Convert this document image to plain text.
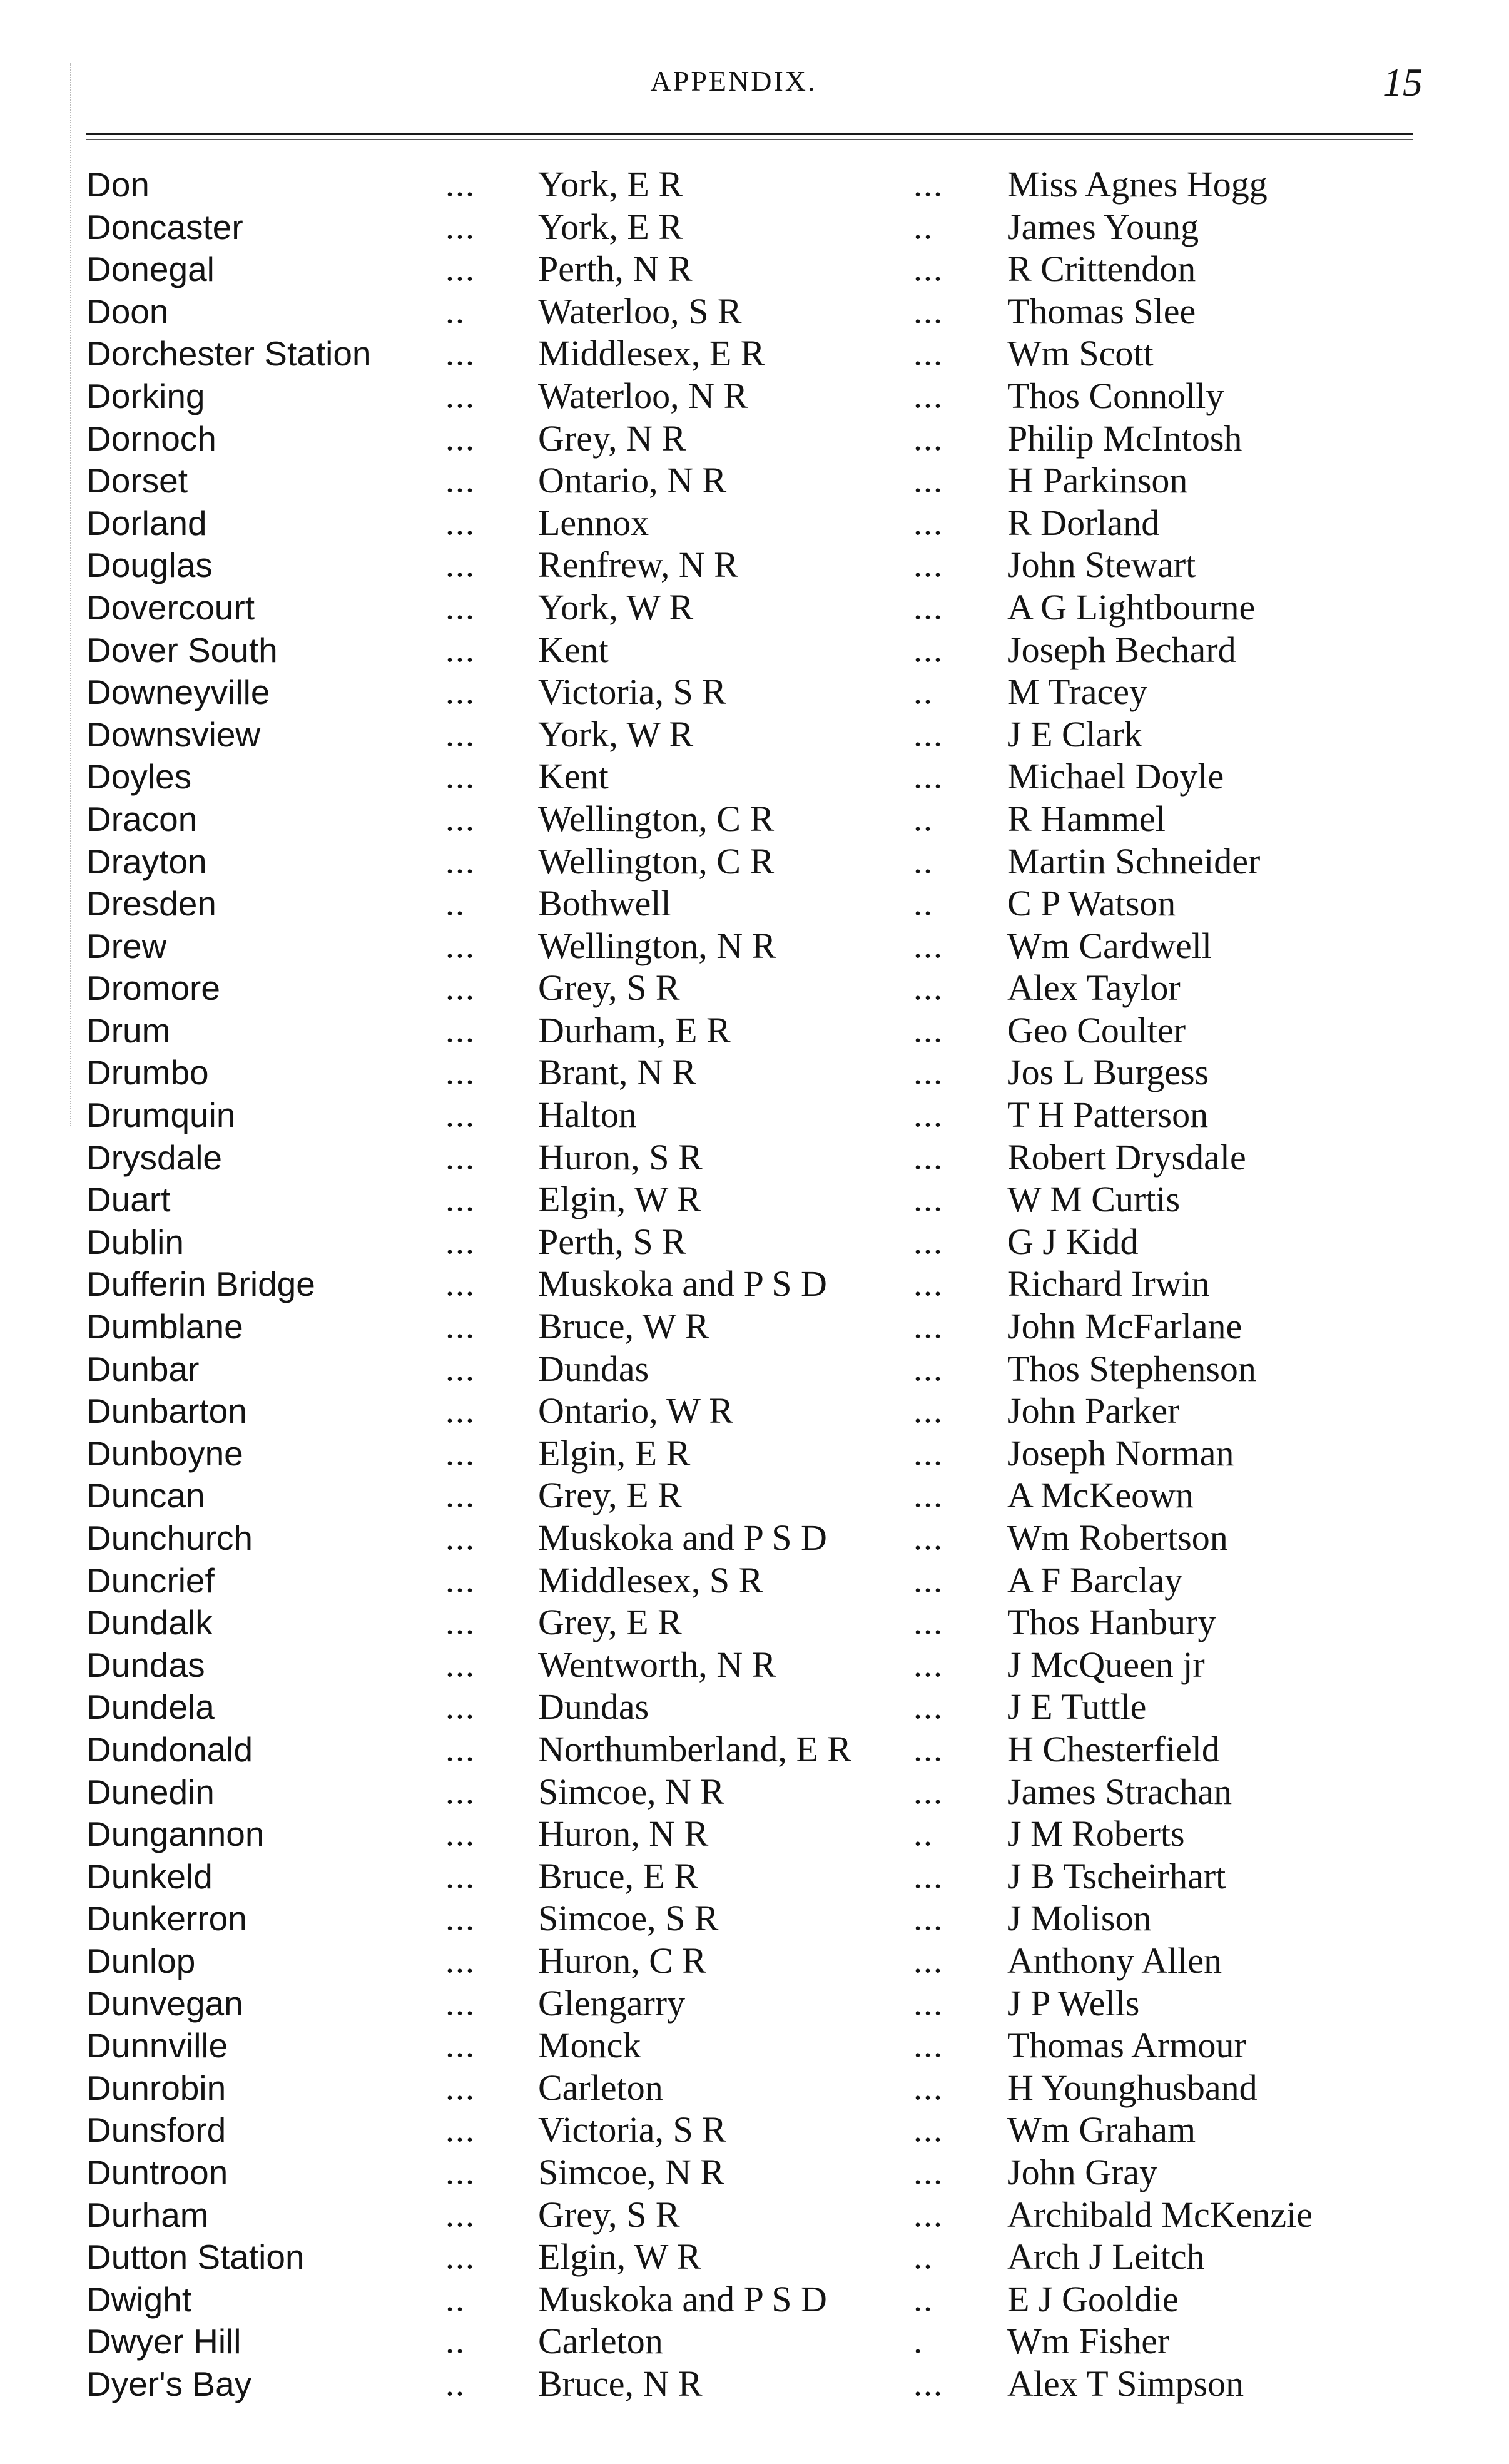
APPENDIX.	15
Don	... York, E R	... Miss Agnes Hogg
Doncaster	... York, E R	.. James Young
Donegal	... Perth, N R	... R Crittendon
Doon	.. Waterloo, S R	... Thomas Slee
Dorchester Station ... Middlesex, E R	... Wm Scott
Dorking	... Waterloo, N R	... Thos Connolly
Dornoch	... Grey, N R	... Philip McIntosh
Dorset	... Ontario, N R	... H Parkinson
Dorland	... Lennox	... R Dorland
Douglas	... Renfrew, N R	... John Stewart
Dovercourt	... York, W R	... A G Lightbourne
Dover South	... Kent	... Joseph Bechard
Downeyville	... Victoria, S R	.. M Tracey
Downsview	... York, W R	... J E Clark
Doyles	... Kent	... Michael Doyle
Dracon	... Wellington, C R	.. R Hammel
Drayton	... Wellington, C R	.. Martin Schneider
Dresden	.. Bothwell	.. C P Watson
Drew	... Wellington, N R	... Wm Cardwell
Dromore	... Grey, S R	... Alex Taylor
Drum	... Durham, E R	... Geo Coulter
Drumbo	... Brant, N R	... Jos L Burgess
Drumquin	... Halton	... T H Patterson
Drysdale	... Huron, S R	... Robert Drysdale
Duart	... Elgin, W R	... W M Curtis
Dublin	... Perth, S R	... G J Kidd
Dufferin Bridge	... Muskoka and P S D ... Richard Irwin
Dumblane	... Bruce, W R	... John McFarlane
Dunbar	... Dundas	... Thos Stephenson
Dunbarton	... Ontario, W R	... John Parker
Dunboyne	... Elgin, E R	... Joseph Norman
Duncan	... Grey, E R	... A McKeown
Dunchurch	... Muskoka and P S D ... Wm Robertson
Duncrief	... Middlesex, S R	... A F Barclay
Dundalk	... Grey, E R	... Thos Hanbury
Dundas	... Wentworth, N R	... J McQueen jr
Dundela	... Dundas	... J E Tuttle
Dundonald	... Northumberland, E R ... H Chesterfield
Dunedin	... Simcoe, N R	... James Strachan
Dungannon	... Huron, N R	.. J M Roberts
Dunkeld	... Bruce, E R	... J B Tscheirhart
Dunkerron	... Simcoe, S R	... J Molison
Dunlop	... Huron, C R	... Anthony Allen
Dunvegan	... Glengarry	... J P Wells
Dunnville	... Monck	... Thomas Armour
Dunrobin	... Carleton	... H Younghusband
Dunsford	... Victoria, S R	... Wm Graham
Duntroon	... Simcoe, N R	... John Gray
Durham	... Grey, S R	... Archibald McKenzie
Dutton Station	... Elgin, W R	.. Arch J Leitch
Dwight	.. Muskoka and P S D .. E J Gooldie
Dwyer Hill	.. Carleton	. Wm Fisher
Dyer's Bay	.. Bruce, N R	... Alex T Simpson
